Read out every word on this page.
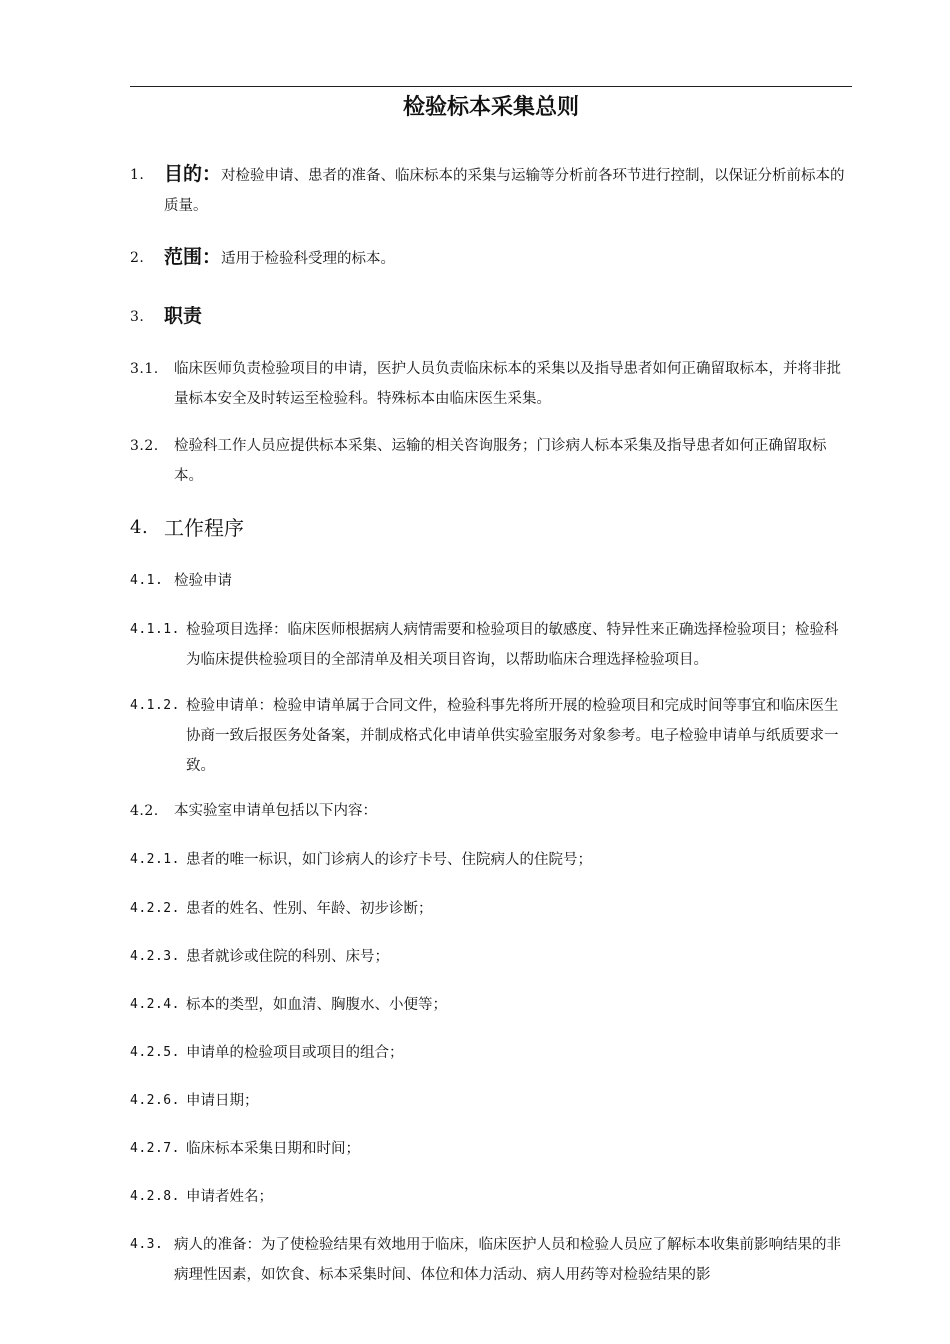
检验标本采集总则
1.	目的：对检验申请、患者的准备、临床标本的采集与运输等分析前各环节进行控制，以保证分析前标本的质量。
2.	范围：适用于检验科受理的标本。
3.	职责
3.1.	临床医师负责检验项目的申请，医护人员负责临床标本的采集以及指导患者如何正确留取标本，并将非批量标本安全及时转运至检验科。特殊标本由临床医生采集。
3.2.	检验科工作人员应提供标本采集、运输的相关咨询服务；门诊病人标本采集及指导患者如何正确留取标本。
4. 工作程序
4.1. 检验申请
4.1.1. 检验项目选择：临床医师根据病人病情需要和检验项目的敏感度、特异性来正确选择检验项目；检验科为临床提供检验项目的全部清单及相关项目咨询，以帮助临床合理选择检验项目。
4.1.2. 检验申请单：检验申请单属于合同文件，检验科事先将所开展的检验项目和完成时间等事宜和临床医生协商一致后报医务处备案，并制成格式化申请单供实验室服务对象参考。电子检验申请单与纸质要求一致。
4.2.	本实验室申请单包括以下内容：
4.2.1. 患者的唯一标识，如门诊病人的诊疗卡号、住院病人的住院号；
4.2.2. 患者的姓名、性别、年龄、初步诊断；
4.2.3. 患者就诊或住院的科别、床号；
4.2.4. 标本的类型，如血清、胸腹水、小便等；
4.2.5. 申请单的检验项目或项目的组合；
4.2.6. 申请日期；
4.2.7. 临床标本采集日期和时间；
4.2.8. 申请者姓名；
4.3. 病人的准备：为了使检验结果有效地用于临床，临床医护人员和检验人员应了解标本收集前影响结果的非病理性因素，如饮食、标本采集时间、体位和体力活动、病人用药等对检验结果的影
